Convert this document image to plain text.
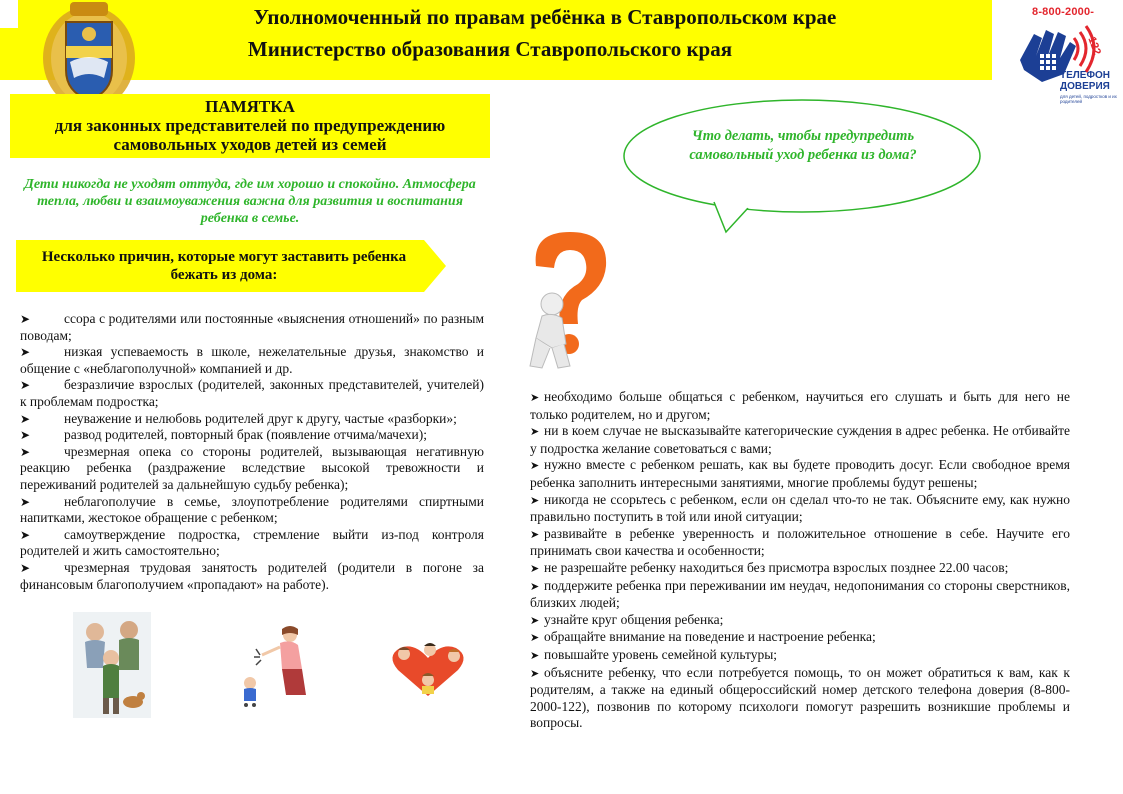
Уполномоченный по правам ребёнка в Ставропольском крае
Министерство образования Ставропольского края
8-800-2000-
122
ТЕЛЕФОН
ДОВЕРИЯ
для детей, подростков и их родителей
ПАМЯТКА
для законных представителей по предупреждению самовольных уходов детей из семей
Дети никогда не уходят оттуда, где им хорошо и спокойно. Атмосфера тепла, любви и взаимоуважения важна для развития и воспитания ребенка в семье.
Несколько причин, которые могут заставить ребенка бежать из дома:
➤	ссора с родителями или постоянные «выяснения отношений» по разным поводам;
➤	низкая успеваемость в школе, нежелательные друзья, знакомство и общение с «неблагополучной» компанией и др.
➤	безразличие взрослых (родителей, законных представителей, учителей) к проблемам подростка;
➤	неуважение и нелюбовь родителей друг к другу, частые «разборки»;
➤	развод родителей, повторный брак (появление отчима/мачехи);
➤	чрезмерная опека со стороны родителей, вызывающая негативную реакцию ребенка (раздражение вследствие высокой тревожности и переживаний родителей за дальнейшую судьбу ребенка);
➤	неблагополучие в семье, злоупотребление родителями спиртными напитками, жестокое обращение с ребенком;
➤	самоутверждение подростка, стремление выйти из-под контроля родителей и жить самостоятельно;
➤	чрезмерная трудовая занятость родителей (родители в погоне за финансовым благополучием «пропадают» на работе).
Что делать, чтобы предупредить самовольный уход ребенка из дома?
➤ необходимо больше общаться с ребенком, научиться его слушать и быть для него не только родителем, но и другом;
➤ ни в коем случае не высказывайте категорические суждения в адрес ребенка. Не отбивайте у подростка желание советоваться с вами;
➤ нужно вместе с ребенком решать, как вы будете проводить досуг. Если свободное время ребенка заполнить интересными занятиями, многие проблемы будут решены;
➤ никогда не ссорьтесь с ребенком, если он сделал что-то не так. Объясните ему, как нужно правильно поступить в той или иной ситуации;
➤ развивайте в ребенке уверенность и положительное отношение в себе. Научите его принимать свои качества и особенности;
➤ не разрешайте ребенку находиться без присмотра взрослых позднее 22.00 часов;
➤ поддержите ребенка при переживании им неудач, недопонимания со стороны сверстников, близких людей;
➤ узнайте круг общения ребенка;
➤ обращайте внимание на поведение и настроение ребенка;
➤ повышайте уровень семейной культуры;
➤ объясните ребенку, что если потребуется помощь, то он может обратиться к вам, как к родителям, а также на единый общероссийский номер детского телефона доверия (8-800-2000-122), позвонив по которому психологи помогут разрешить возникшие проблемы и вопросы.
